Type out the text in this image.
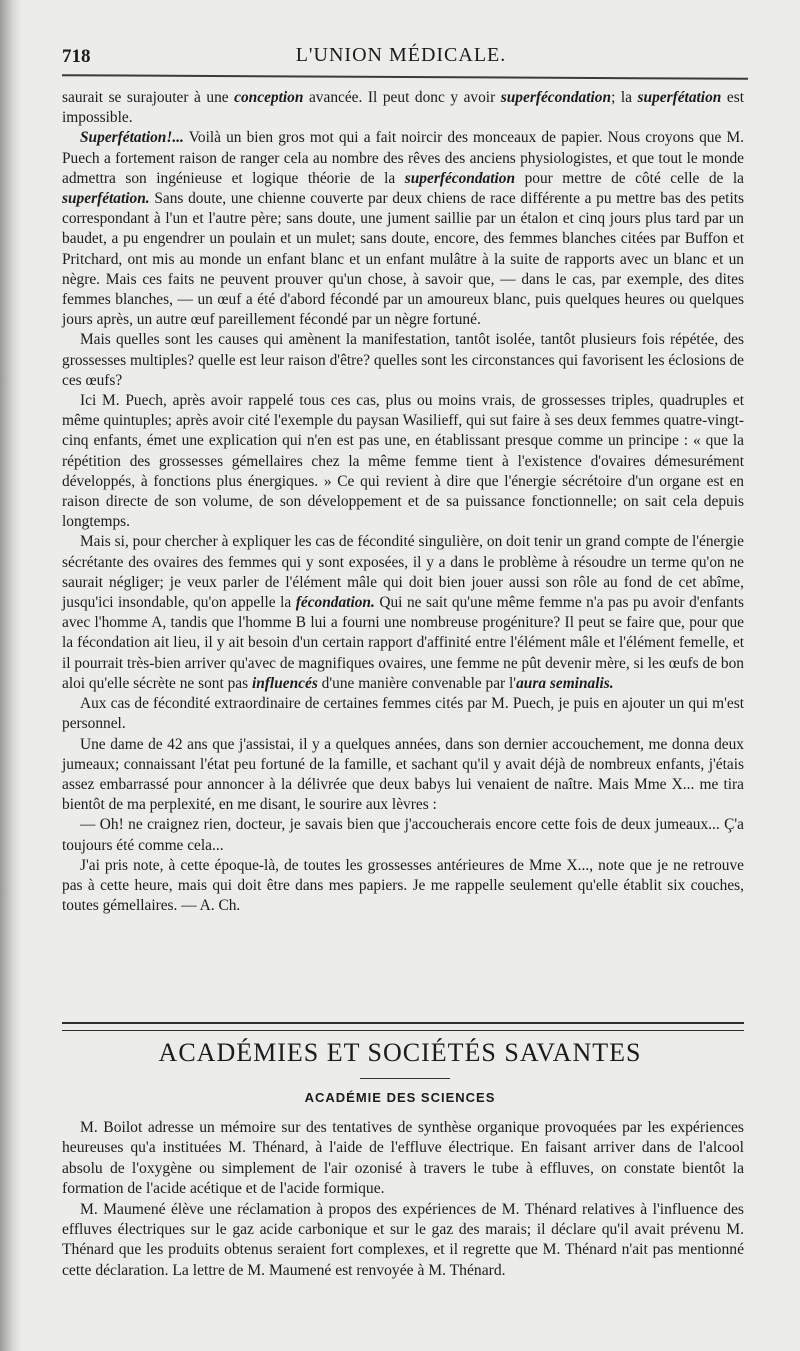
718	L'UNION MÉDICALE.

saurait se surajouter à une conception avancée. Il peut donc y avoir superfécondation; la superfétation est impossible.

Superfétation!... Voilà un bien gros mot qui a fait noircir des monceaux de papier. Nous croyons que M. Puech a fortement raison de ranger cela au nombre des rêves des anciens physiologistes, et que tout le monde admettra son ingénieuse et logique théorie de la superfécondation pour mettre de côté celle de la superfétation. Sans doute, une chienne couverte par deux chiens de race différente a pu mettre bas des petits correspondant à l'un et l'autre père; sans doute, une jument saillie par un étalon et cinq jours plus tard par un baudet, a pu engendrer un poulain et un mulet; sans doute, encore, des femmes blanches citées par Buffon et Pritchard, ont mis au monde un enfant blanc et un enfant mulâtre à la suite de rapports avec un blanc et un nègre. Mais ces faits ne peuvent prouver qu'un chose, à savoir que, — dans le cas, par exemple, des dites femmes blanches, — un œuf a été d'abord fécondé par un amoureux blanc, puis quelques heures ou quelques jours après, un autre œuf pareillement fécondé par un nègre fortuné.

Mais quelles sont les causes qui amènent la manifestation, tantôt isolée, tantôt plusieurs fois répétée, des grossesses multiples? quelle est leur raison d'être? quelles sont les circonstances qui favorisent les éclosions de ces œufs?

Ici M. Puech, après avoir rappelé tous ces cas, plus ou moins vrais, de grossesses triples, quadruples et même quintuples; après avoir cité l'exemple du paysan Wasilieff, qui sut faire à ses deux femmes quatre-vingt-cinq enfants, émet une explication qui n'en est pas une, en établissant presque comme un principe : « que la répétition des grossesses gémellaires chez la même femme tient à l'existence d'ovaires démesurément développés, à fonctions plus énergiques. » Ce qui revient à dire que l'énergie sécrétoire d'un organe est en raison directe de son volume, de son développement et de sa puissance fonctionnelle; on sait cela depuis longtemps.

Mais si, pour chercher à expliquer les cas de fécondité singulière, on doit tenir un grand compte de l'énergie sécrétante des ovaires des femmes qui y sont exposées, il y a dans le problème à résoudre un terme qu'on ne saurait négliger; je veux parler de l'élément mâle qui doit bien jouer aussi son rôle au fond de cet abîme, jusqu'ici insondable, qu'on appelle la fécondation. Qui ne sait qu'une même femme n'a pas pu avoir d'enfants avec l'homme A, tandis que l'homme B lui a fourni une nombreuse progéniture? Il peut se faire que, pour que la fécondation ait lieu, il y ait besoin d'un certain rapport d'affinité entre l'élément mâle et l'élément femelle, et il pourrait très-bien arriver qu'avec de magnifiques ovaires, une femme ne pût devenir mère, si les œufs de bon aloi qu'elle sécrète ne sont pas influencés d'une manière convenable par l'aura seminalis.

Aux cas de fécondité extraordinaire de certaines femmes cités par M. Puech, je puis en ajouter un qui m'est personnel.

Une dame de 42 ans que j'assistai, il y a quelques années, dans son dernier accouchement, me donna deux jumeaux; connaissant l'état peu fortuné de la famille, et sachant qu'il y avait déjà de nombreux enfants, j'étais assez embarrassé pour annoncer à la délivrée que deux babys lui venaient de naître. Mais Mme X... me tira bientôt de ma perplexité, en me disant, le sourire aux lèvres :

— Oh! ne craignez rien, docteur, je savais bien que j'accoucherais encore cette fois de deux jumeaux... Ç'a toujours été comme cela...

J'ai pris note, à cette époque-là, de toutes les grossesses antérieures de Mme X..., note que je ne retrouve pas à cette heure, mais qui doit être dans mes papiers. Je me rappelle seulement qu'elle établit six couches, toutes gémellaires. — A. Ch.

ACADÉMIES ET SOCIÉTÉS SAVANTES
ACADÉMIE DES SCIENCES

M. Boilot adresse un mémoire sur des tentatives de synthèse organique provoquées par les expériences heureuses qu'a instituées M. Thénard, à l'aide de l'effluve électrique. En faisant arriver dans de l'alcool absolu de l'oxygène ou simplement de l'air ozonisé à travers le tube à effluves, on constate bientôt la formation de l'acide acétique et de l'acide formique.

M. Maumené élève une réclamation à propos des expériences de M. Thénard relatives à l'influence des effluves électriques sur le gaz acide carbonique et sur le gaz des marais; il déclare qu'il avait prévenu M. Thénard que les produits obtenus seraient fort complexes, et il regrette que M. Thénard n'ait pas mentionné cette déclaration. La lettre de M. Maumené est renvoyée à M. Thénard.
